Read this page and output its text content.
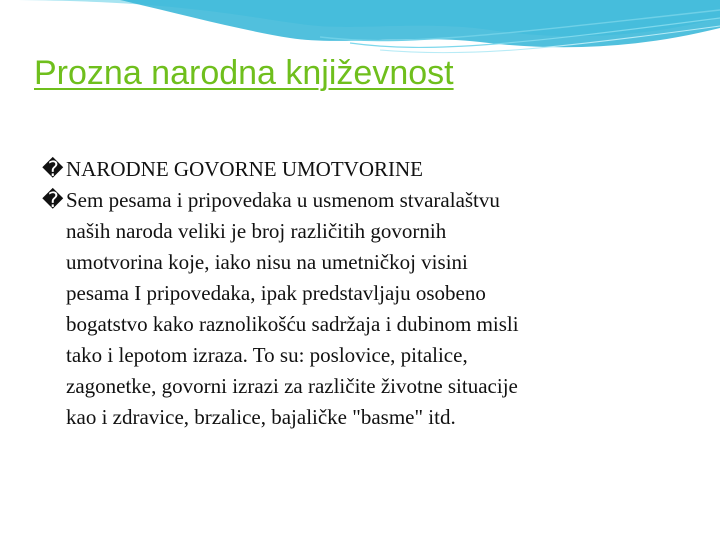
Prozna narodna književnost
� NARODNE GOVORNE UMOTVORINE
� Sem pesama i pripovedaka u usmenom stvaralaštvu
naših naroda veliki je broj različitih govornih
umotvorina koje, iako nisu na umetničkoj visini
pesama I pripovedaka, ipak predstavljaju osobeno
bogatstvo kako raznolikošću sadržaja i dubinom misli
tako i lepotom izraza. To su: poslovice, pitalice,
zagonetke, govorni izrazi za različite životne situacije
kao i zdravice, brzalice, bajaličke "basme" itd.
